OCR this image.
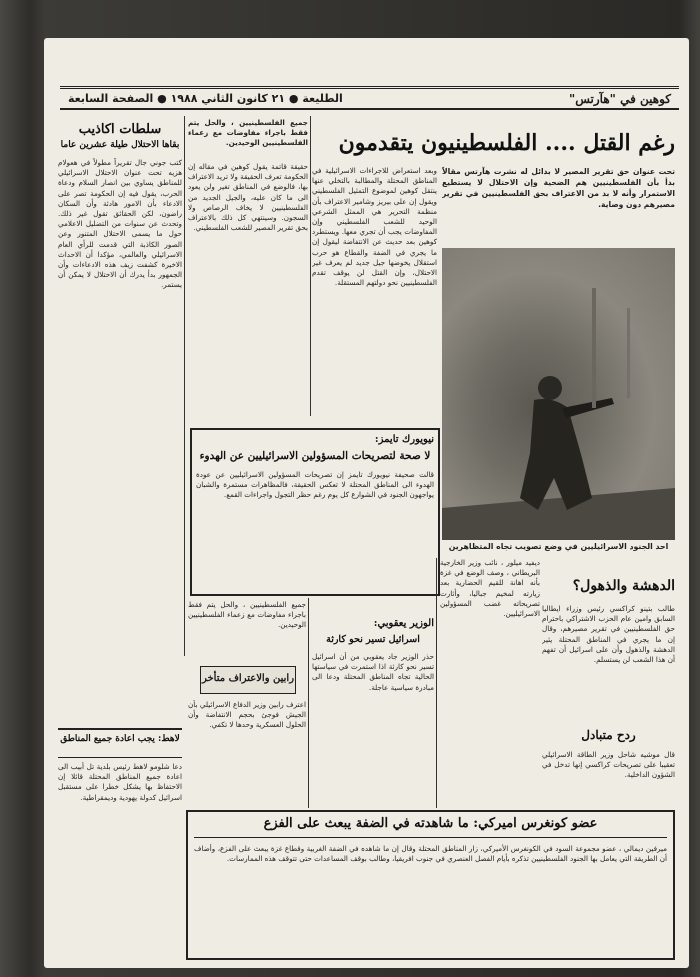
كوهين في "هآرتس"
الطليعة ● ٢١ كانون الثاني ١٩٨٨ ● الصفحة السابعة
رغم القتل .... الفلسطينيون يتقدمون
تحت عنوان حق تقرير المصير لا بدائل له نشرت هآرتس مقالاً بدأ بأن الفلسطينيين هم الضحية وإن الاحتلال لا يستطيع الاستمرار وأنه لا بد من الاعتراف بحق الفلسطينيين في تقرير مصيرهم دون وصاية.
احد الجنود الاسرائيليين في وضع تصويب تجاه المتظاهرين
وبعد استعراض للاجراءات الاسرائيلية في المناطق المحتلة والمطالبة بالتخلي عنها ينتقل كوهين لموضوع التمثيل الفلسطيني ويقول إن على بيريز وشامير الاعتراف بأن منظمة التحرير هي الممثل الشرعي الوحيد للشعب الفلسطيني وإن المفاوضات يجب أن تجري معها. ويستطرد كوهين بعد حديث عن الانتفاضة ليقول إن ما يجري في الضفة والقطاع هو حرب استقلال يخوضها جيل جديد لم يعرف غير الاحتلال، وإن القتل لن يوقف تقدم الفلسطينيين نحو دولتهم المستقلة.
سلطات اكاذيب
بقاها الاحتلال طيلة عشرين عاما
كتب جوني جال تقريراً مطولاً في هعولام هزيه تحت عنوان الاحتلال الاسرائيلي للمناطق يساوي بين انصار السلام ودعاة الحرب، يقول فيه إن الحكومة تصر على الادعاء بأن الامور هادئة وأن السكان راضون، لكن الحقائق تقول غير ذلك. وتحدث عن سنوات من التضليل الاعلامي حول ما يسمى الاحتلال المتنور وعن الصور الكاذبة التي قدمت للرأي العام الاسرائيلي والعالمي، مؤكدا أن الاحداث الاخيرة كشفت زيف هذه الادعاءات وأن الجمهور بدأ يدرك أن الاحتلال لا يمكن أن يستمر.
جميع الفلسطينيين ، والحل يتم فقط باجراء مفاوضات مع زعماء الفلسطينيين الوحيدين.
حقيقة قاتمة يقول كوهين في مقاله إن الحكومة تعرف الحقيقة ولا تريد الاعتراف بها، فالوضع في المناطق تغير ولن يعود الى ما كان عليه، والجيل الجديد من الفلسطينيين لا يخاف الرصاص ولا السجون. وسينتهي كل ذلك بالاعتراف بحق تقرير المصير للشعب الفلسطيني.
نيويورك تايمز:
لا صحة لتصريحات المسؤولين الاسرائيليين عن الهدوء
قالت صحيفة نيويورك تايمز إن تصريحات المسؤولين الاسرائيليين عن عودة الهدوء الى المناطق المحتلة لا تعكس الحقيقة، فالمظاهرات مستمرة والشبان يواجهون الجنود في الشوارع كل يوم رغم حظر التجول واجراءات القمع.
الدهشة والذهول؟
طالب بتينو كراكسي رئيس وزراء ايطاليا السابق وامين عام الحزب الاشتراكي باحترام حق الفلسطينيين في تقرير مصيرهم، وقال إن ما يجري في المناطق المحتلة يثير الدهشة والذهول وأن على اسرائيل أن تفهم أن هذا الشعب لن يستسلم.
ردح متبادل
قال موشيه شاحل وزير الطاقة الاسرائيلي تعقيبا على تصريحات كراكسي إنها تدخل في الشؤون الداخلية.
ديفيد ميلور ، نائب وزير الخارجية البريطاني ، وصف الوضع في غزة بأنه اهانة للقيم الحضارية بعد زيارته لمخيم جباليا، وأثارت تصريحاته غضب المسؤولين الاسرائيليين.
الوزير يعقوبي:
اسرائيل تسير نحو كارثة
حذر الوزير جاد يعقوبي من أن اسرائيل تسير نحو كارثة اذا استمرت في سياستها الحالية تجاه المناطق المحتلة ودعا الى مبادرة سياسية عاجلة.
رابين والاعتراف متأخر
جميع الفلسطينيين ، والحل يتم فقط باجراء مفاوضات مع زعماء الفلسطينيين الوحيدين.
اعترف رابين وزير الدفاع الاسرائيلي بأن الجيش فوجئ بحجم الانتفاضة وأن الحلول العسكرية وحدها لا تكفي.
لاهط: يجب اعادة جميع المناطق
دعا شلومو لاهط رئيس بلدية تل أبيب الى اعادة جميع المناطق المحتلة قائلا إن الاحتفاظ بها يشكل خطرا على مستقبل اسرائيل كدولة يهودية وديمقراطية.
عضو كونغرس اميركي: ما شاهدته في الضفة يبعث على الفزع
ميرفين ديمالي ، عضو مجموعة السود في الكونغرس الأميركي، زار المناطق المحتلة وقال إن ما شاهده في الضفة الغربية وقطاع غزة يبعث على الفزع، وأضاف أن الطريقة التي يعامل بها الجنود الفلسطينيين تذكره بأيام الفصل العنصري في جنوب افريقيا، وطالب بوقف المساعدات حتى تتوقف هذه الممارسات.
